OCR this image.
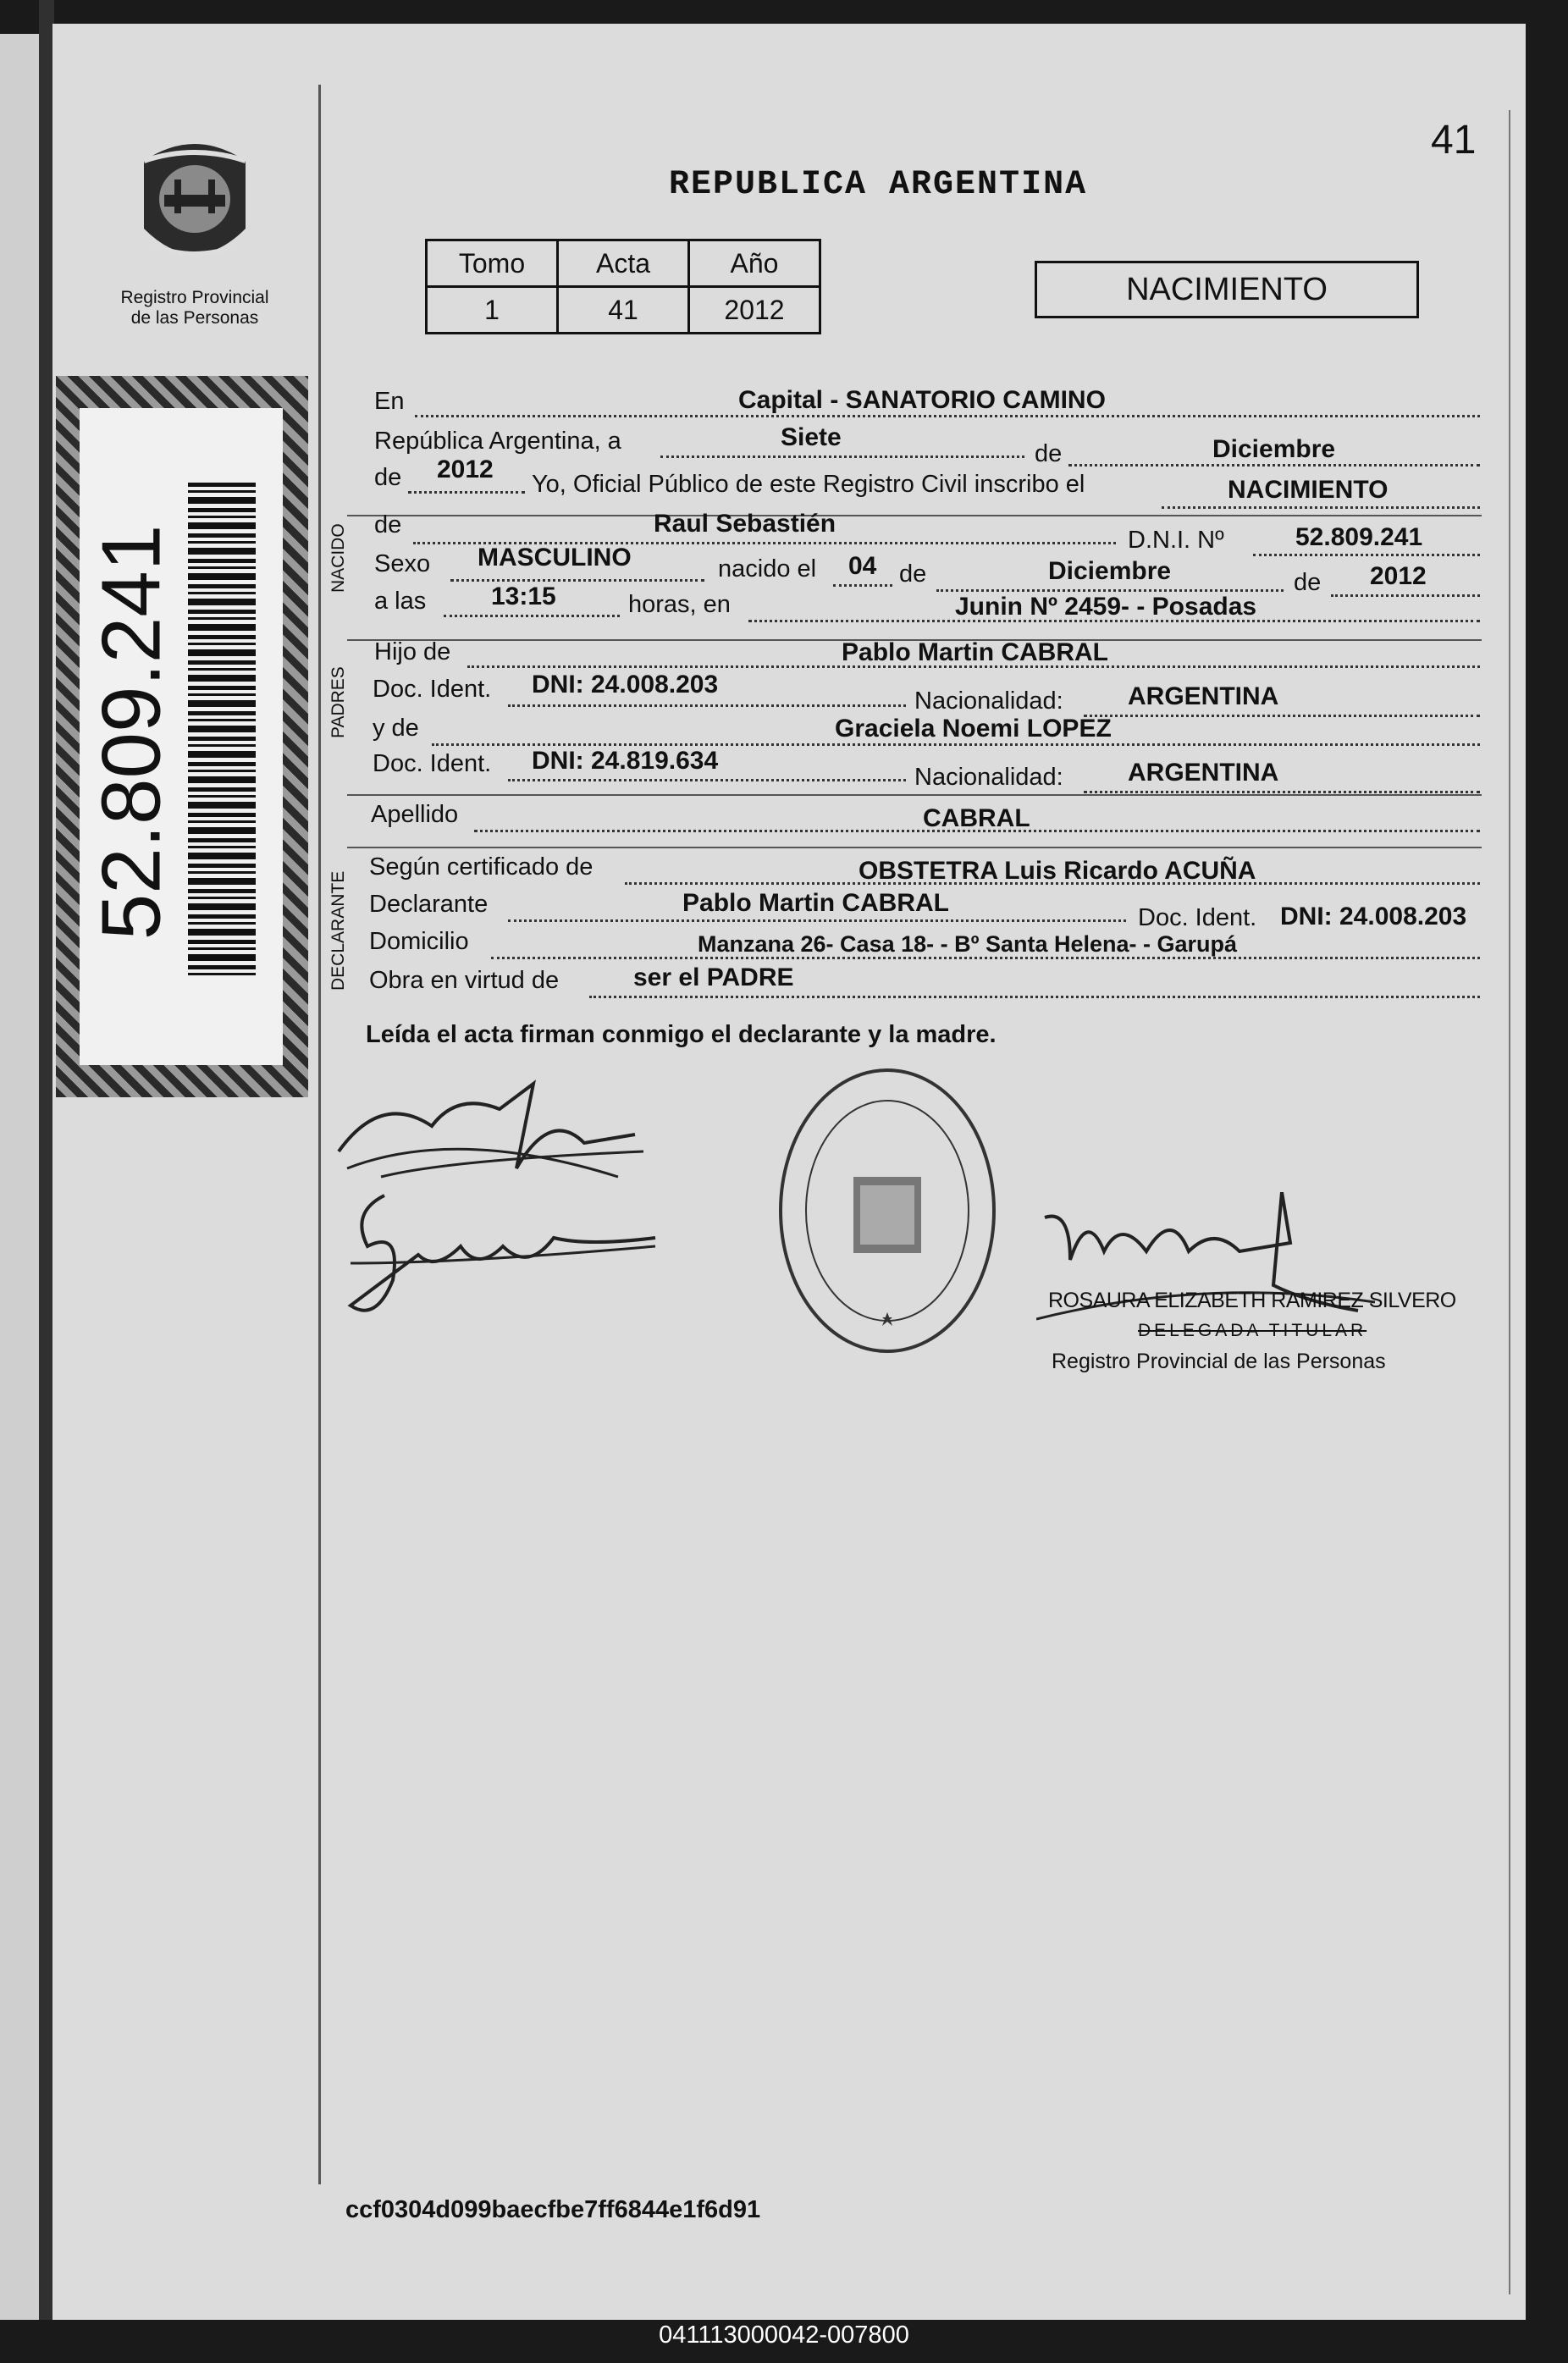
Registro Provincial
de las Personas
52.809.241
41
REPUBLICA ARGENTINA
Tomo	Acta	Año
1	41	2012
NACIMIENTO
NACIDO
PADRES
DECLARANTE
En	Capital - SANATORIO CAMINO
República Argentina, a	Siete
de	Diciembre
de 2012
Yo, Oficial Público de este Registro Civil inscribo el	NACIMIENTO
de	Raul Sebastién
D.N.I. Nº	52.809.241
Sexo MASCULINO	nacido el 04 de	Diciembre	de 2012
a las	13:15	horas, en	Junin Nº 2459- - Posadas
Hijo de	Pablo Martin CABRAL
Doc. Ident. DNI: 24.008.203
Nacionalidad:	ARGENTINA
y de	Graciela Noemi LOPEZ
Doc. Ident. DNI: 24.819.634
Nacionalidad:	ARGENTINA
Apellido	CABRAL
Según certificado de	OBSTETRA Luis Ricardo ACUÑA
Declarante	Pablo Martin CABRAL
Doc. Ident. DNI: 24.008.203
Domicilio	Manzana 26- Casa 18- - Bº Santa Helena- - Garupá
Obra en virtud de	ser el PADRE
Leída el acta firman conmigo el declarante y la madre.
ROSAURA ELIZABETH RAMIREZ SILVERO
DELEGADA TITULAR
Registro Provincial de las Personas
ccf0304d099baecfbe7ff6844e1f6d91
041113000042-007800
